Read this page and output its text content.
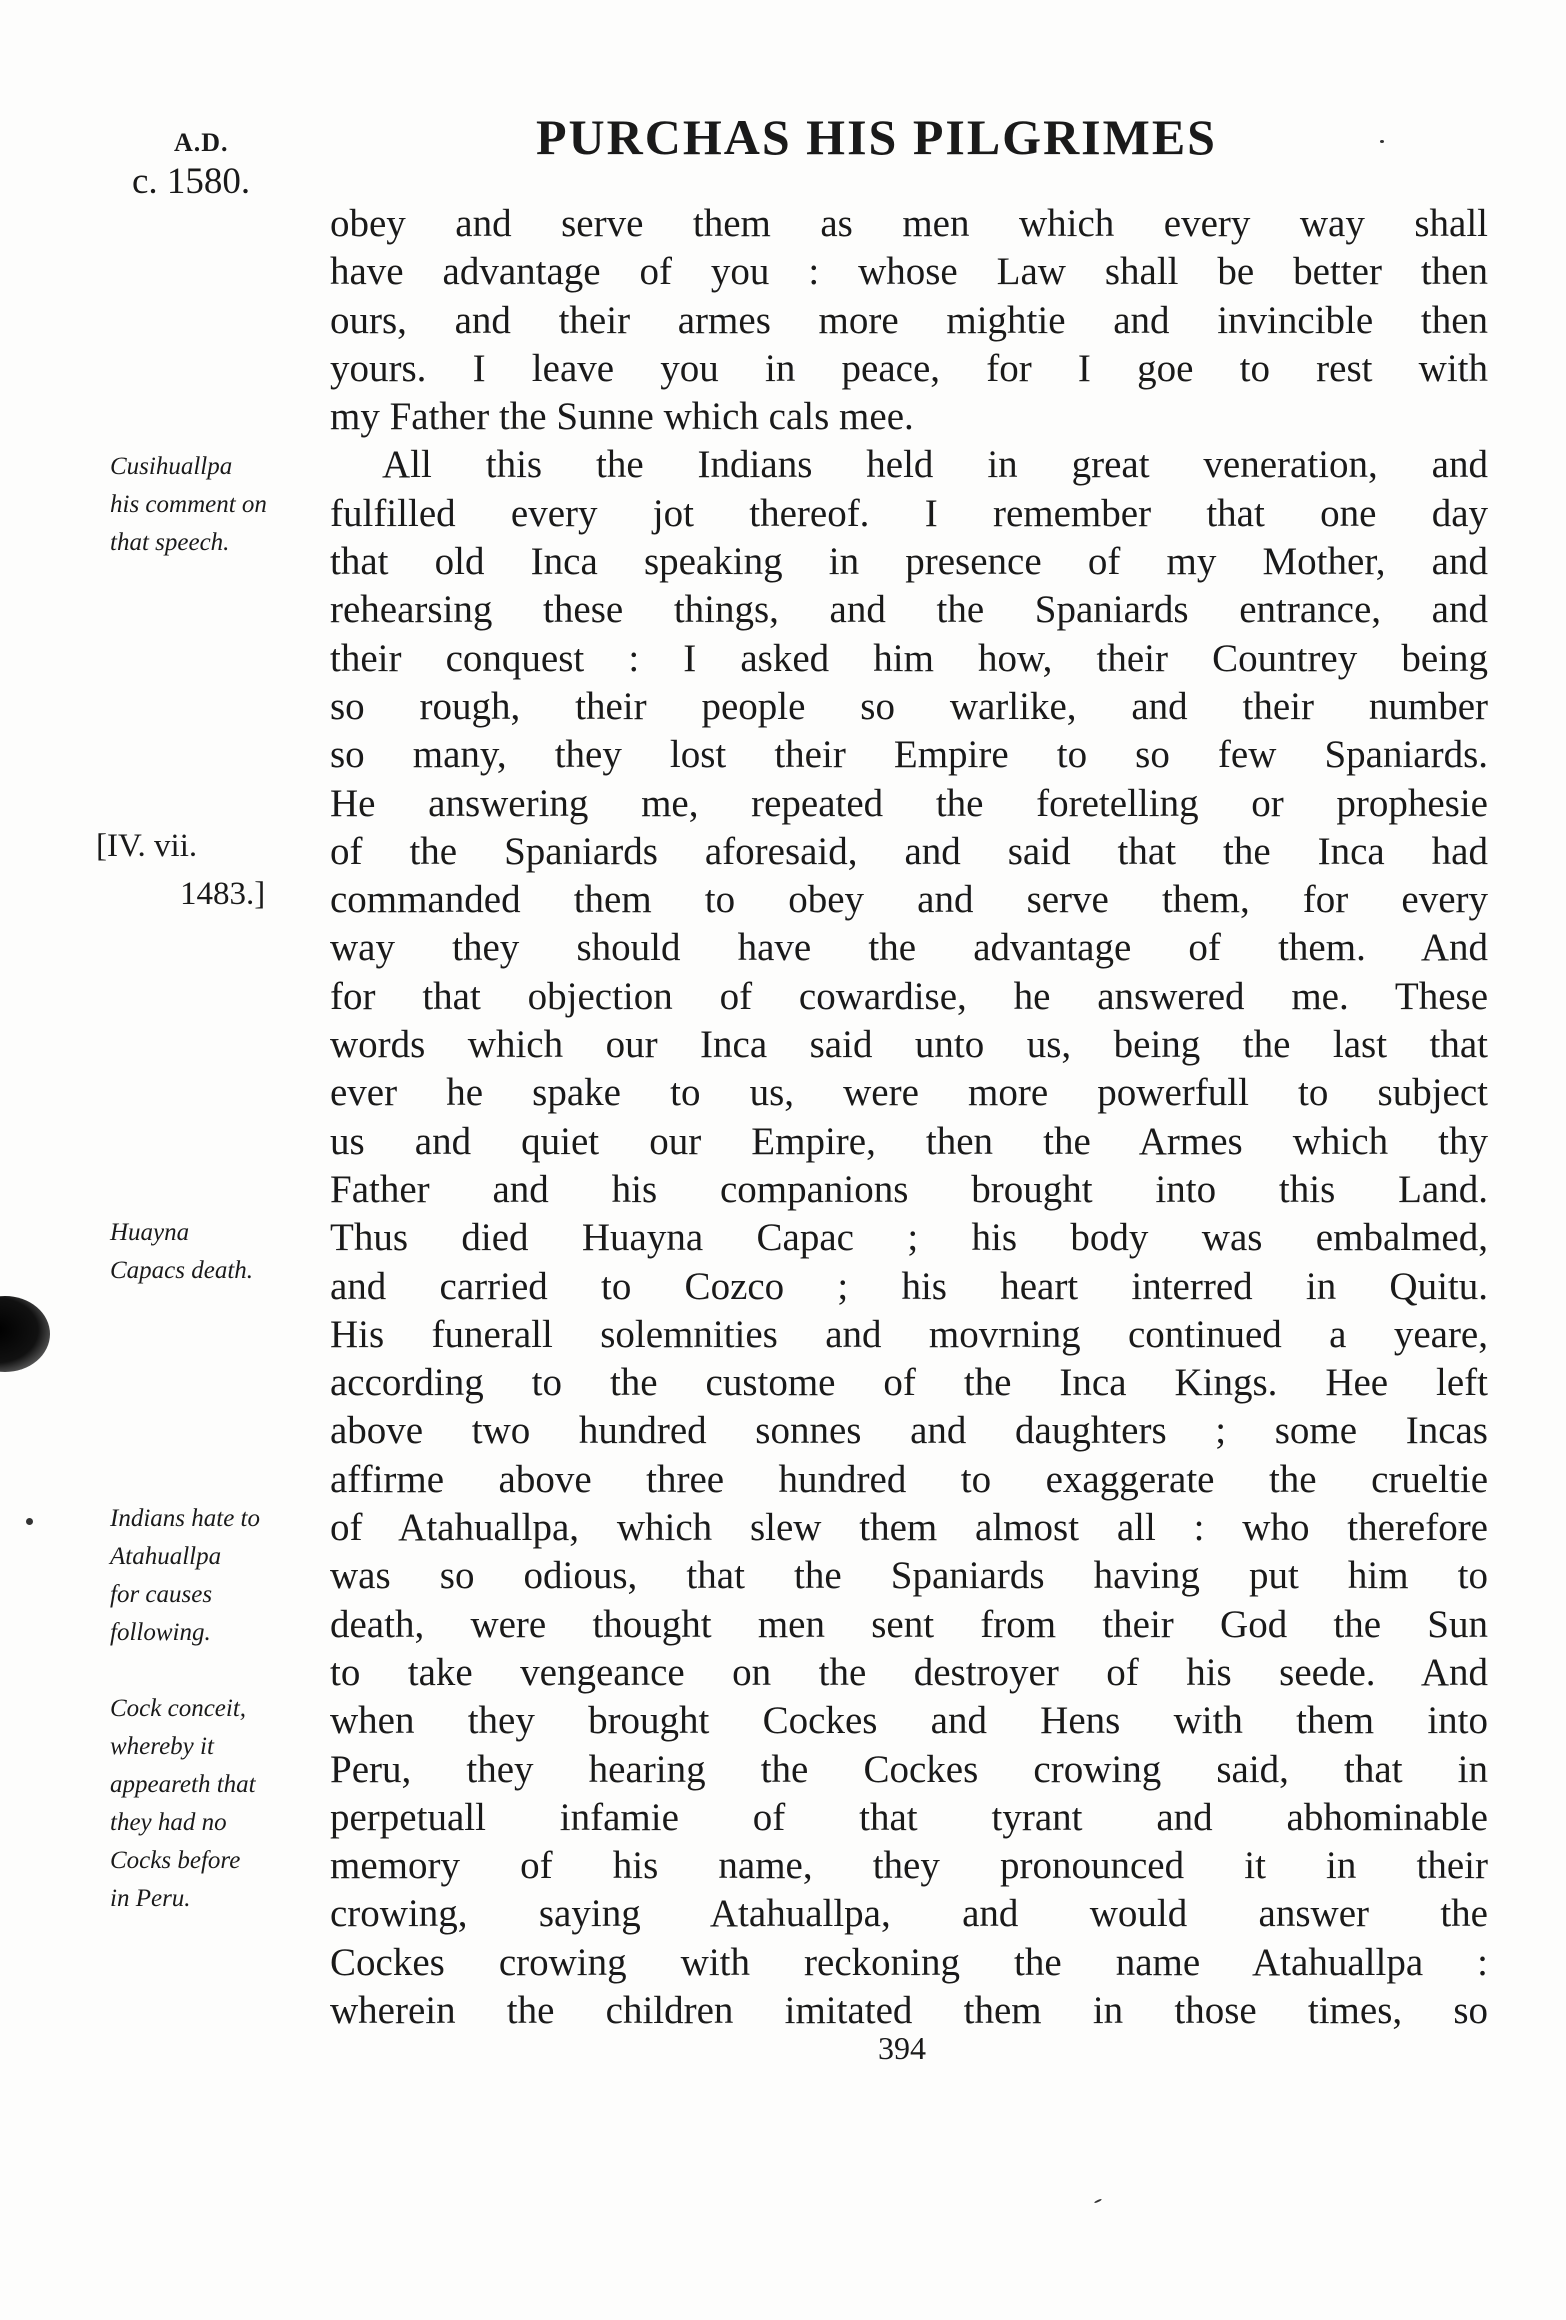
A.D.
c. 1580.
PURCHAS HIS PILGRIMES
obey and serve them as men which every way shall
have advantage of you : whose Law shall be better then
ours, and their armes more mightie and invincible then
yours. I leave you in peace, for I goe to rest with
my Father the Sunne which cals mee.
All this the Indians held in great veneration, and
fulfilled every jot thereof. I remember that one day
that old Inca speaking in presence of my Mother, and
rehearsing these things, and the Spaniards entrance, and
their conquest : I asked him how, their Countrey being
so rough, their people so warlike, and their number
so many, they lost their Empire to so few Spaniards.
He answering me, repeated the foretelling or prophesie
of the Spaniards aforesaid, and said that the Inca had
commanded them to obey and serve them, for every
way they should have the advantage of them. And
for that objection of cowardise, he answered me. These
words which our Inca said unto us, being the last that
ever he spake to us, were more powerfull to subject
us and quiet our Empire, then the Armes which thy
Father and his companions brought into this Land.
Thus died Huayna Capac ; his body was embalmed,
and carried to Cozco ; his heart interred in Quitu.
His funerall solemnities and movrning continued a yeare,
according to the custome of the Inca Kings. Hee left
above two hundred sonnes and daughters ; some Incas
affirme above three hundred to exaggerate the crueltie
of Atahuallpa, which slew them almost all : who therefore
was so odious, that the Spaniards having put him to
death, were thought men sent from their God the Sun
to take vengeance on the destroyer of his seede. And
when they brought Cockes and Hens with them into
Peru, they hearing the Cockes crowing said, that in
perpetuall infamie of that tyrant and abhominable
memory of his name, they pronounced it in their
crowing, saying Atahuallpa, and would answer the
Cockes crowing with reckoning the name Atahuallpa :
wherein the children imitated them in those times, so
Cusihuallpa
his comment on
that speech.
[IV. vii.
1483.]
Huayna
Capacs death.
Indians hate to
Atahuallpa
for causes
following.
Cock conceit,
whereby it
appeareth that
they had no
Cocks before
in Peru.
394
